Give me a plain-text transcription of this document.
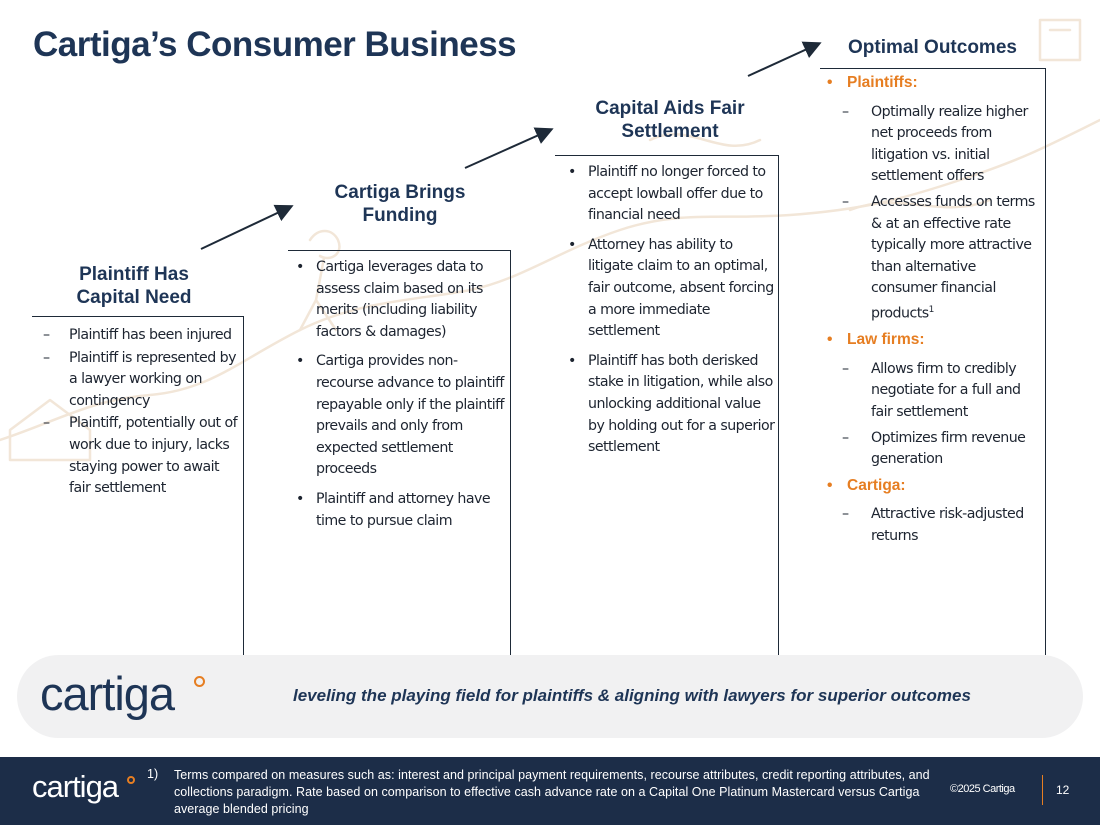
Cartiga’s Consumer Business
Plaintiff Has
Capital Need
Cartiga Brings
Funding
Capital Aids Fair
Settlement
Optimal Outcomes
– Plaintiff has been injured
– Plaintiff is represented by a lawyer working on contingency
– Plaintiff, potentially out of work due to injury, lacks staying power to await fair settlement
• Cartiga leverages data to assess claim based on its merits (including liability factors & damages)
• Cartiga provides non-recourse advance to plaintiff repayable only if the plaintiff prevails and only from expected settlement proceeds
• Plaintiff and attorney have time to pursue claim
• Plaintiff no longer forced to accept lowball offer due to financial need
• Attorney has ability to litigate claim to an optimal, fair outcome, absent forcing a more immediate settlement
• Plaintiff has both derisked stake in litigation, while also unlocking additional value by holding out for a superior settlement
• Plaintiffs:
– Optimally realize higher net proceeds from litigation vs. initial settlement offers
– Accesses funds on terms & at an effective rate typically more attractive than alternative consumer financial products$^1$
• Law firms:
– Allows firm to credibly negotiate for a full and fair settlement
– Optimizes firm revenue generation
• Cartiga:
– Attractive risk-adjusted returns
cartiga	leveling the playing field for plaintiffs & aligning with lawyers for superior outcomes
cartiga 1) Terms compared on measures such as: interest and principal payment requirements, recourse attributes, credit reporting attributes, and collections paradigm. Rate based on comparison to effective cash advance rate on a Capital One Platinum Mastercard versus Cartiga average blended pricing
©2025 Cartiga	12
